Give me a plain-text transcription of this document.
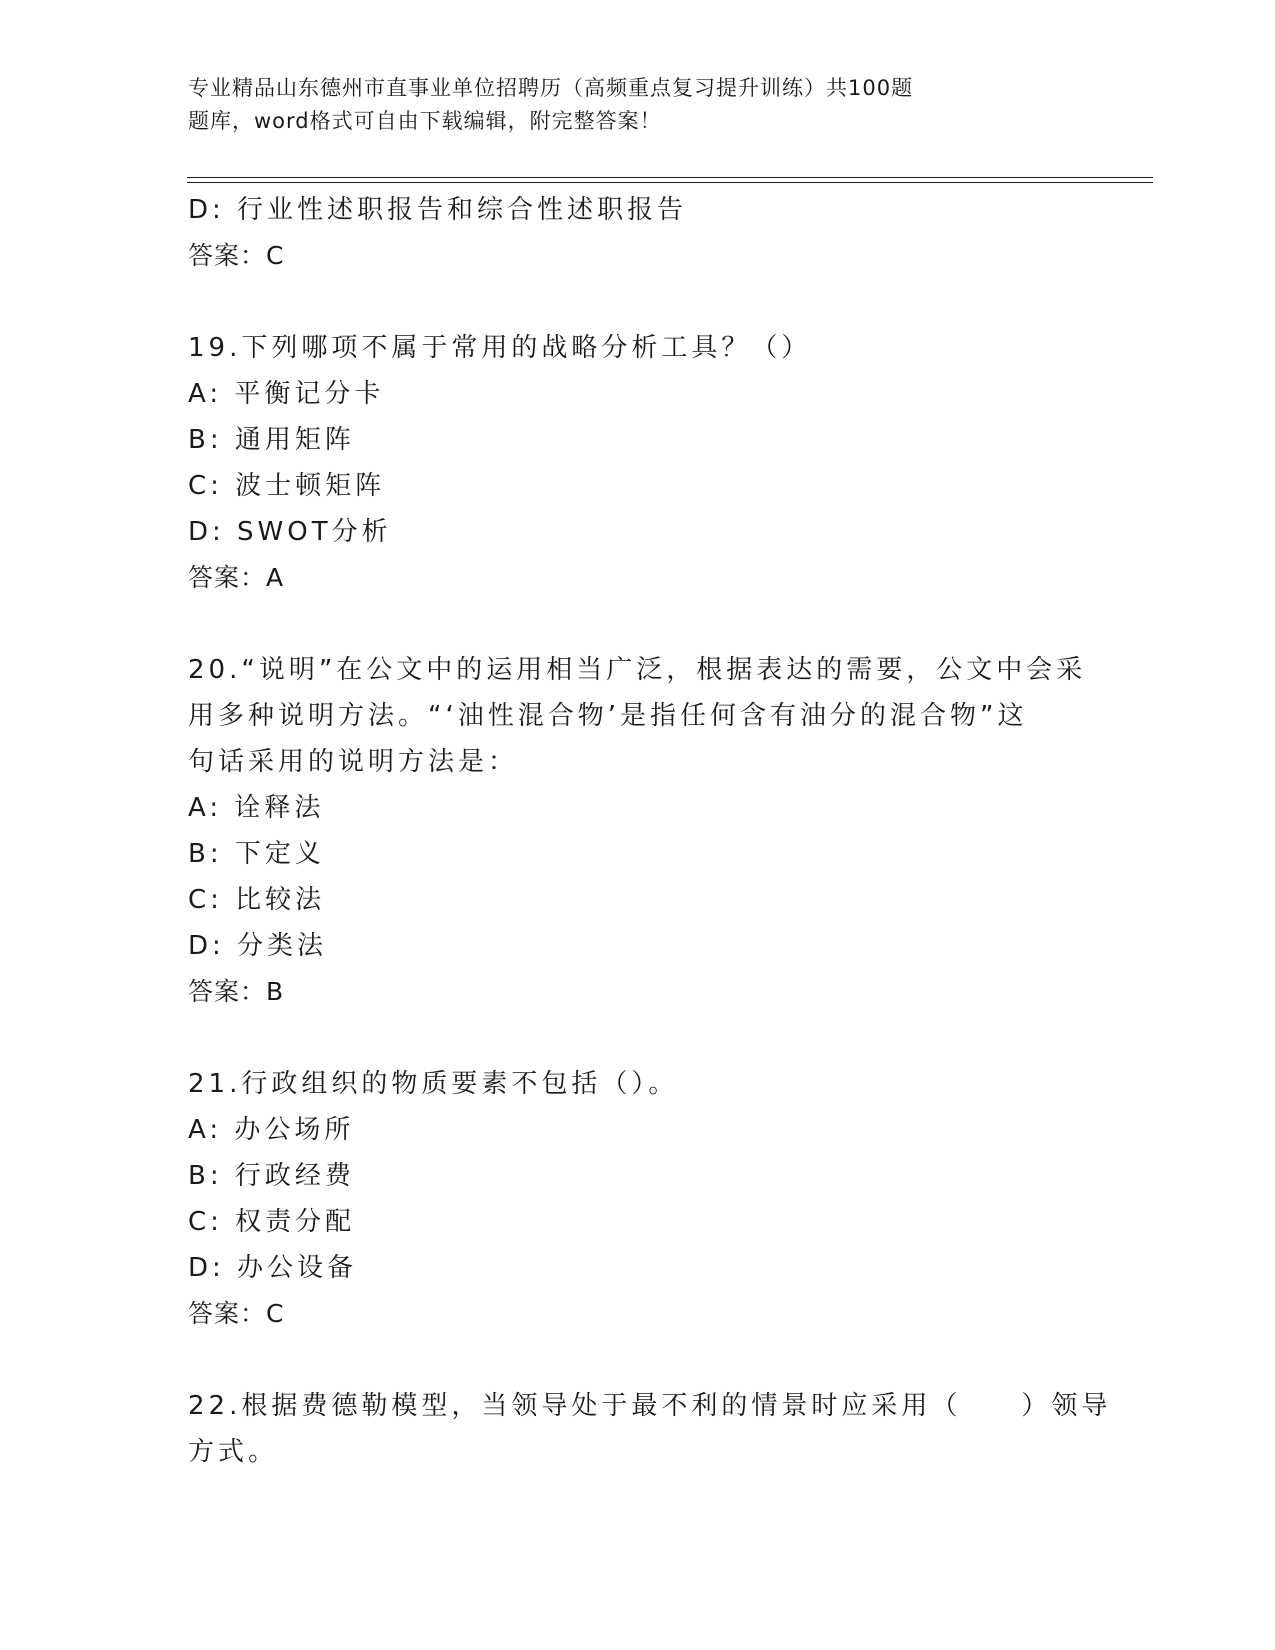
专业精品山东德州市直事业单位招聘历（高频重点复习提升训练）共100题
题库，word格式可自由下载编辑，附完整答案！
D: 行业性述职报告和综合性述职报告
答案：C
19.下列哪项不属于常用的战略分析工具？（）
A: 平衡记分卡
B: 通用矩阵
C: 波士顿矩阵
D: SWOT分析
答案：A
20.“说明”在公文中的运用相当广泛，根据表达的需要，公文中会采
用多种说明方法。“‘油性混合物’是指任何含有油分的混合物”这
句话采用的说明方法是：
A: 诠释法
B: 下定义
C: 比较法
D: 分类法
答案：B
21.行政组织的物质要素不包括（）。
A: 办公场所
B: 行政经费
C: 权责分配
D: 办公设备
答案：C
22.根据费德勒模型，当领导处于最不利的情景时应采用（　　）领导
方式。
